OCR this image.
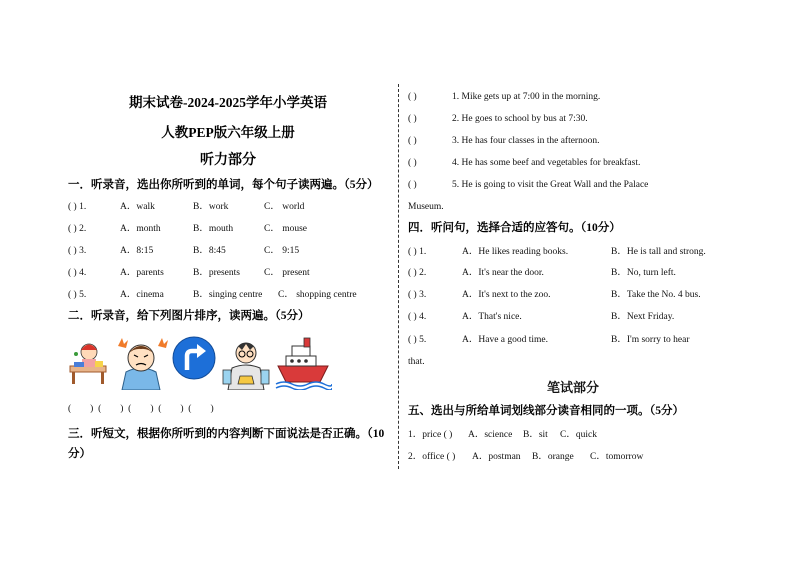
期末试卷-2024-2025学年小学英语
人教PEP版六年级上册
听力部分
一．听录音，选出你所听到的单词，每个句子读两遍。（5分）
( ) 1.	A．walk	B．work	C． world
( ) 2.	A．month	B．mouth	C． mouse
( ) 3.	A．8:15	B．8:45	C． 9:15
( ) 4.	A．parents	B．presents	C． present
( ) 5.	A．cinema	B．singing centre C． shopping centre
二．听录音，给下列图片排序，读两遍。（5分）
(        )  (        )  (        )  (        )  (        )
三．听短文，根据你所听到的内容判断下面说法是否正确。（10
分）
( )	1. Mike gets up at 7:00 in the morning.
( )	2. He goes to school by bus at 7:30.
( )	3. He has four classes in the afternoon.
( )	4. He has some beef and vegetables for breakfast.
( )	5. He is going to visit the Great Wall and the Palace
Museum.
四．听问句，选择合适的应答句。（10分）
( ) 1.	A．He likes reading books.	B．He is tall and strong.
( ) 2.	A．It's near the door.	B．No, turn left.
( ) 3.	A．It's next to the zoo.	B．Take the No. 4 bus.
( ) 4.	A．That's nice.	B．Next Friday.
( ) 5.	A．Have a good time.	B．I'm sorry to hear
that.
笔试部分
五、选出与所给单词划线部分读音相同的一项。（5分）
1．price ( ) A．science B．sit C．quick
2．office ( ) A．postman B．orange C．tomorrow
